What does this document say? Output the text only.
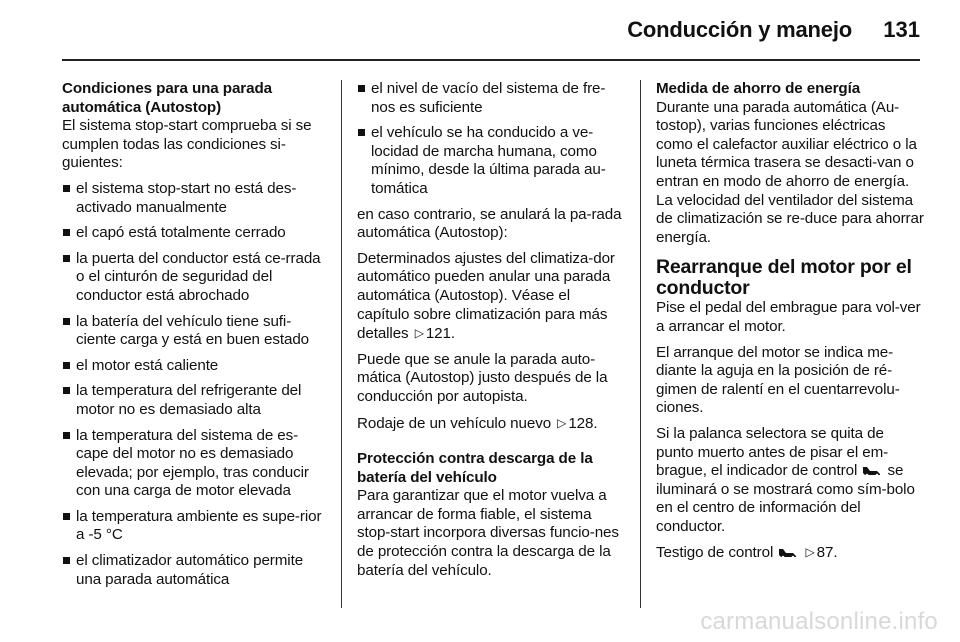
Conducción y manejo 131
Condiciones para una parada
automática (Autostop)

El sistema stop-start comprueba si se cumplen todas las condiciones si-guientes:

el sistema stop-start no está des-activado manualmente
el capó está totalmente cerrado
la puerta del conductor está ce-rrada o el cinturón de seguridad del conductor está abrochado
la batería del vehículo tiene sufi-ciente carga y está en buen estado
el motor está caliente
la temperatura del refrigerante del motor no es demasiado alta
la temperatura del sistema de es-cape del motor no es demasiado elevada; por ejemplo, tras conducir con una carga de motor elevada
la temperatura ambiente es supe-rior a -5 °C
el climatizador automático permite una parada automática
el nivel de vacío del sistema de fre-nos es suficiente
el vehículo se ha conducido a ve-locidad de marcha humana, como mínimo, desde la última parada au-tomática

en caso contrario, se anulará la pa-rada automática (Autostop):

Determinados ajustes del climatiza-dor automático pueden anular una parada automática (Autostop). Véase el capítulo sobre climatización para más detalles ▷ 121.

Puede que se anule la parada auto-mática (Autostop) justo después de la conducción por autopista.

Rodaje de un vehículo nuevo ▷ 128.

Protección contra descarga de la
batería del vehículo

Para garantizar que el motor vuelva a arrancar de forma fiable, el sistema stop-start incorpora diversas funcio-nes de protección contra la descarga de la batería del vehículo.

Medida de ahorro de energía

Durante una parada automática (Au-tostop), varias funciones eléctricas como el calefactor auxiliar eléctrico o la luneta térmica trasera se desacti-van o entran en modo de ahorro de energía. La velocidad del ventilador del sistema de climatización se re-duce para ahorrar energía.

Rearranque del motor por el
conductor

Pise el pedal del embrague para vol-ver a arrancar el motor.

El arranque del motor se indica me-diante la aguja en la posición de ré-gimen de ralentí en el cuentarrevolu-ciones.

Si la palanca selectora se quita de punto muerto antes de pisar el em-brague, el indicador de control se iluminará o se mostrará como sím-bolo en el centro de información del conductor.

Testigo de control	▷ 87.

carmanualsonline.info
